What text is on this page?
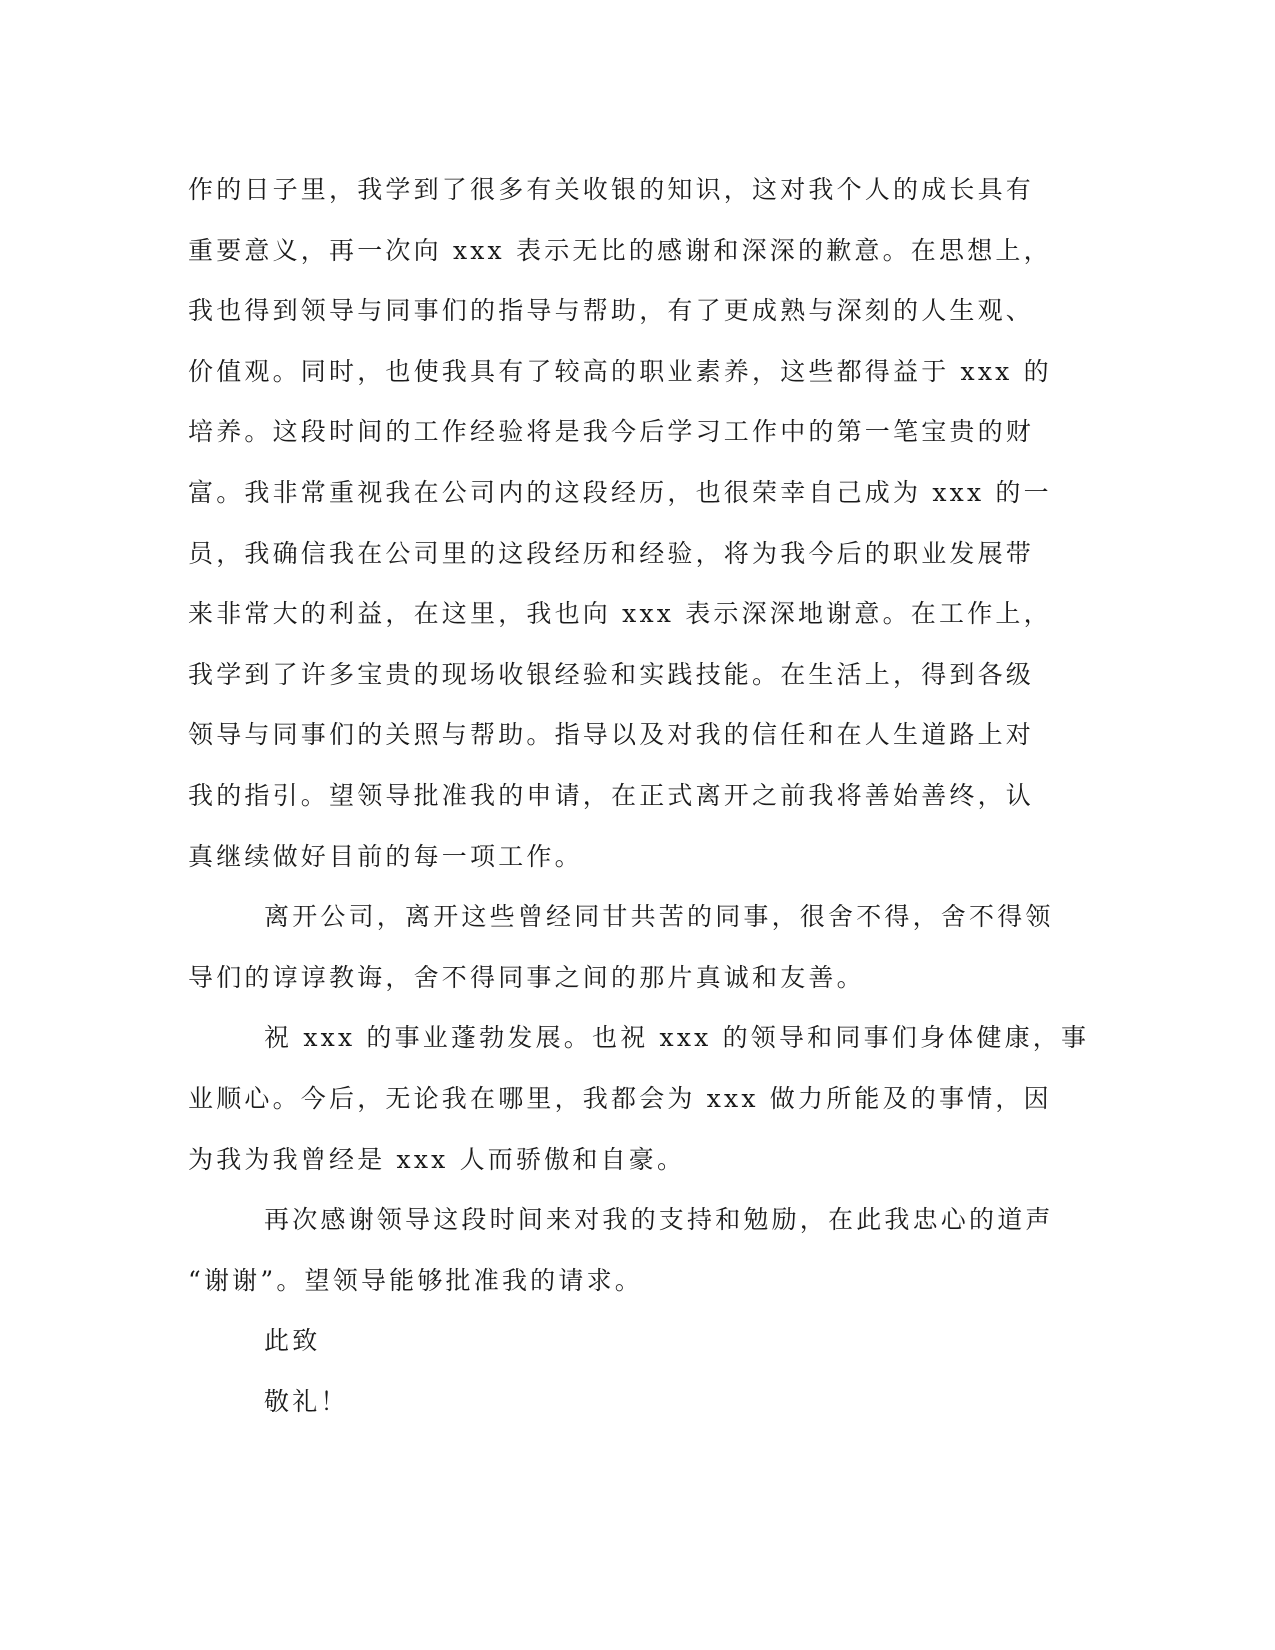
作的日子里，我学到了很多有关收银的知识，这对我个人的成长具有
重要意义，再一次向 xxx 表示无比的感谢和深深的歉意。在思想上，
我也得到领导与同事们的指导与帮助，有了更成熟与深刻的人生观、
价值观。同时，也使我具有了较高的职业素养，这些都得益于 xxx 的
培养。这段时间的工作经验将是我今后学习工作中的第一笔宝贵的财
富。我非常重视我在公司内的这段经历，也很荣幸自己成为 xxx 的一
员，我确信我在公司里的这段经历和经验，将为我今后的职业发展带
来非常大的利益，在这里，我也向 xxx 表示深深地谢意。在工作上，
我学到了许多宝贵的现场收银经验和实践技能。在生活上，得到各级
领导与同事们的关照与帮助。指导以及对我的信任和在人生道路上对
我的指引。望领导批准我的申请，在正式离开之前我将善始善终，认
真继续做好目前的每一项工作。
离开公司，离开这些曾经同甘共苦的同事，很舍不得，舍不得领
导们的谆谆教诲，舍不得同事之间的那片真诚和友善。
祝 xxx 的事业蓬勃发展。也祝 xxx 的领导和同事们身体健康，事
业顺心。今后，无论我在哪里，我都会为 xxx 做力所能及的事情，因
为我为我曾经是 xxx 人而骄傲和自豪。
再次感谢领导这段时间来对我的支持和勉励，在此我忠心的道声
“谢谢”。望领导能够批准我的请求。
此致
敬礼！
